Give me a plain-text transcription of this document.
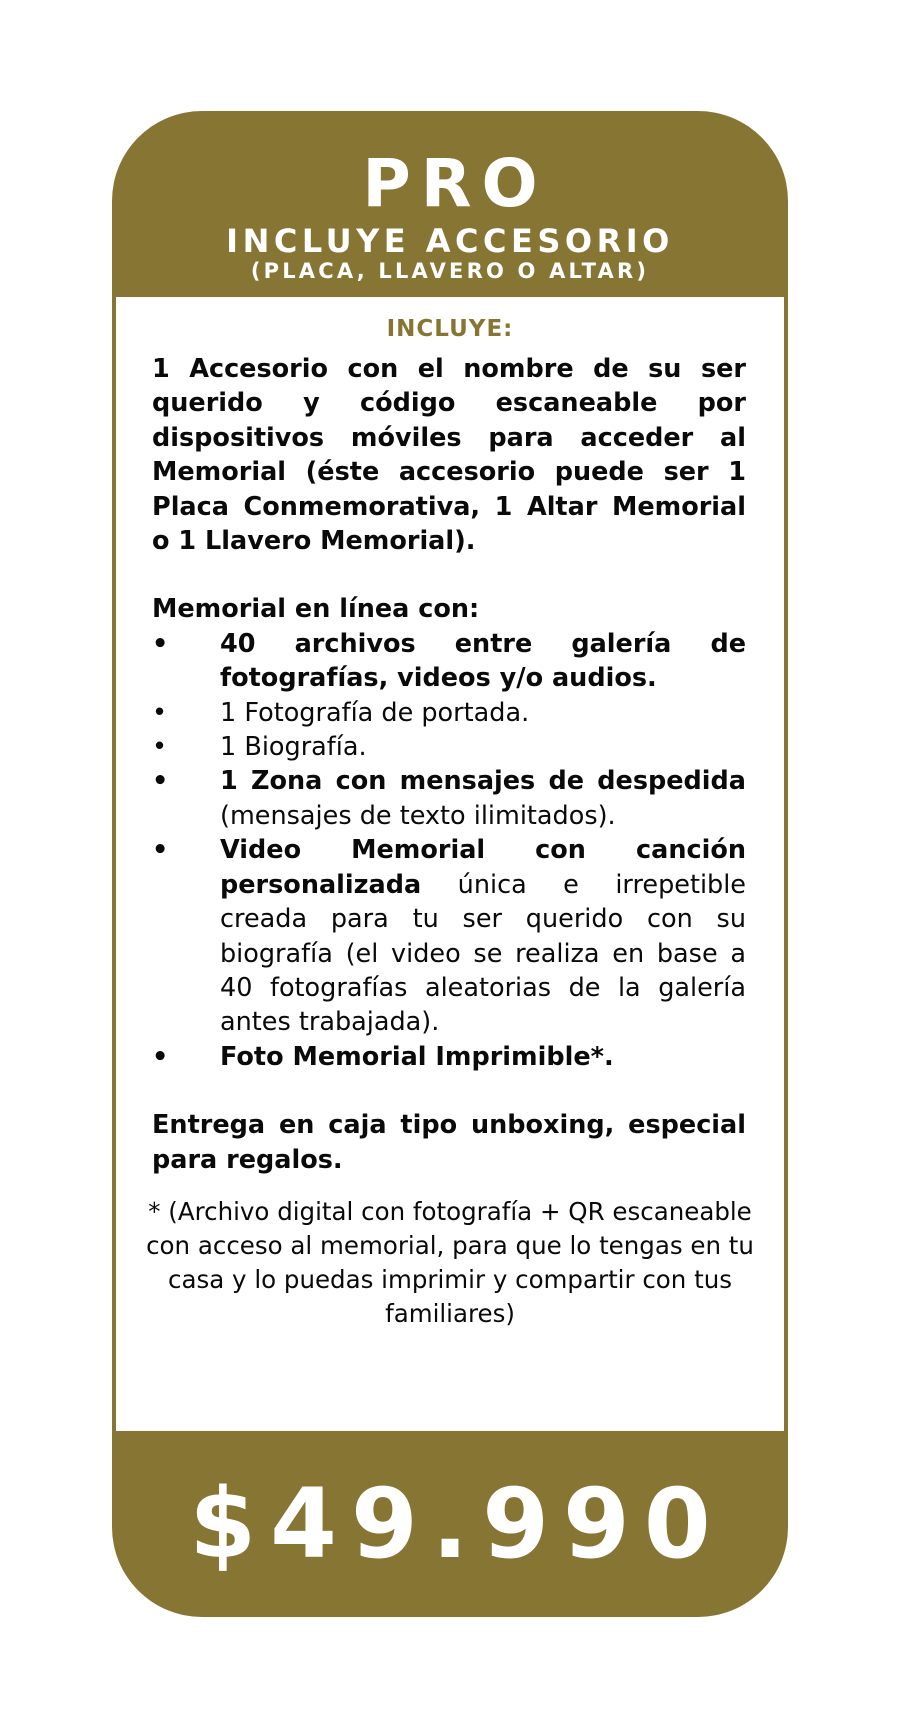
PRO
INCLUYE ACCESORIO
(PLACA, LLAVERO O ALTAR)
INCLUYE:

1 Accesorio con el nombre de su ser querido y código escaneable por dispositivos móviles para acceder al Memorial (éste accesorio puede ser 1 Placa Conmemorativa, 1 Altar Memorial o 1 Llavero Memorial).

Memorial en línea con:

• 40 archivos entre galería de fotografías, videos y/o audios.
• 1 Fotografía de portada.
• 1 Biografía.
• 1 Zona con mensajes de despedida (mensajes de texto ilimitados).
• Video Memorial con canción personalizada única e irrepetible creada para tu ser querido con su biografía (el video se realiza en base a 40 fotografías aleatorias de la galería antes trabajada).
• Foto Memorial Imprimible*.

Entrega en caja tipo unboxing, especial para regalos.

* (Archivo digital con fotografía + QR escaneable con acceso al memorial, para que lo tengas en tu casa y lo puedas imprimir y compartir con tus familiares)
$49.990
